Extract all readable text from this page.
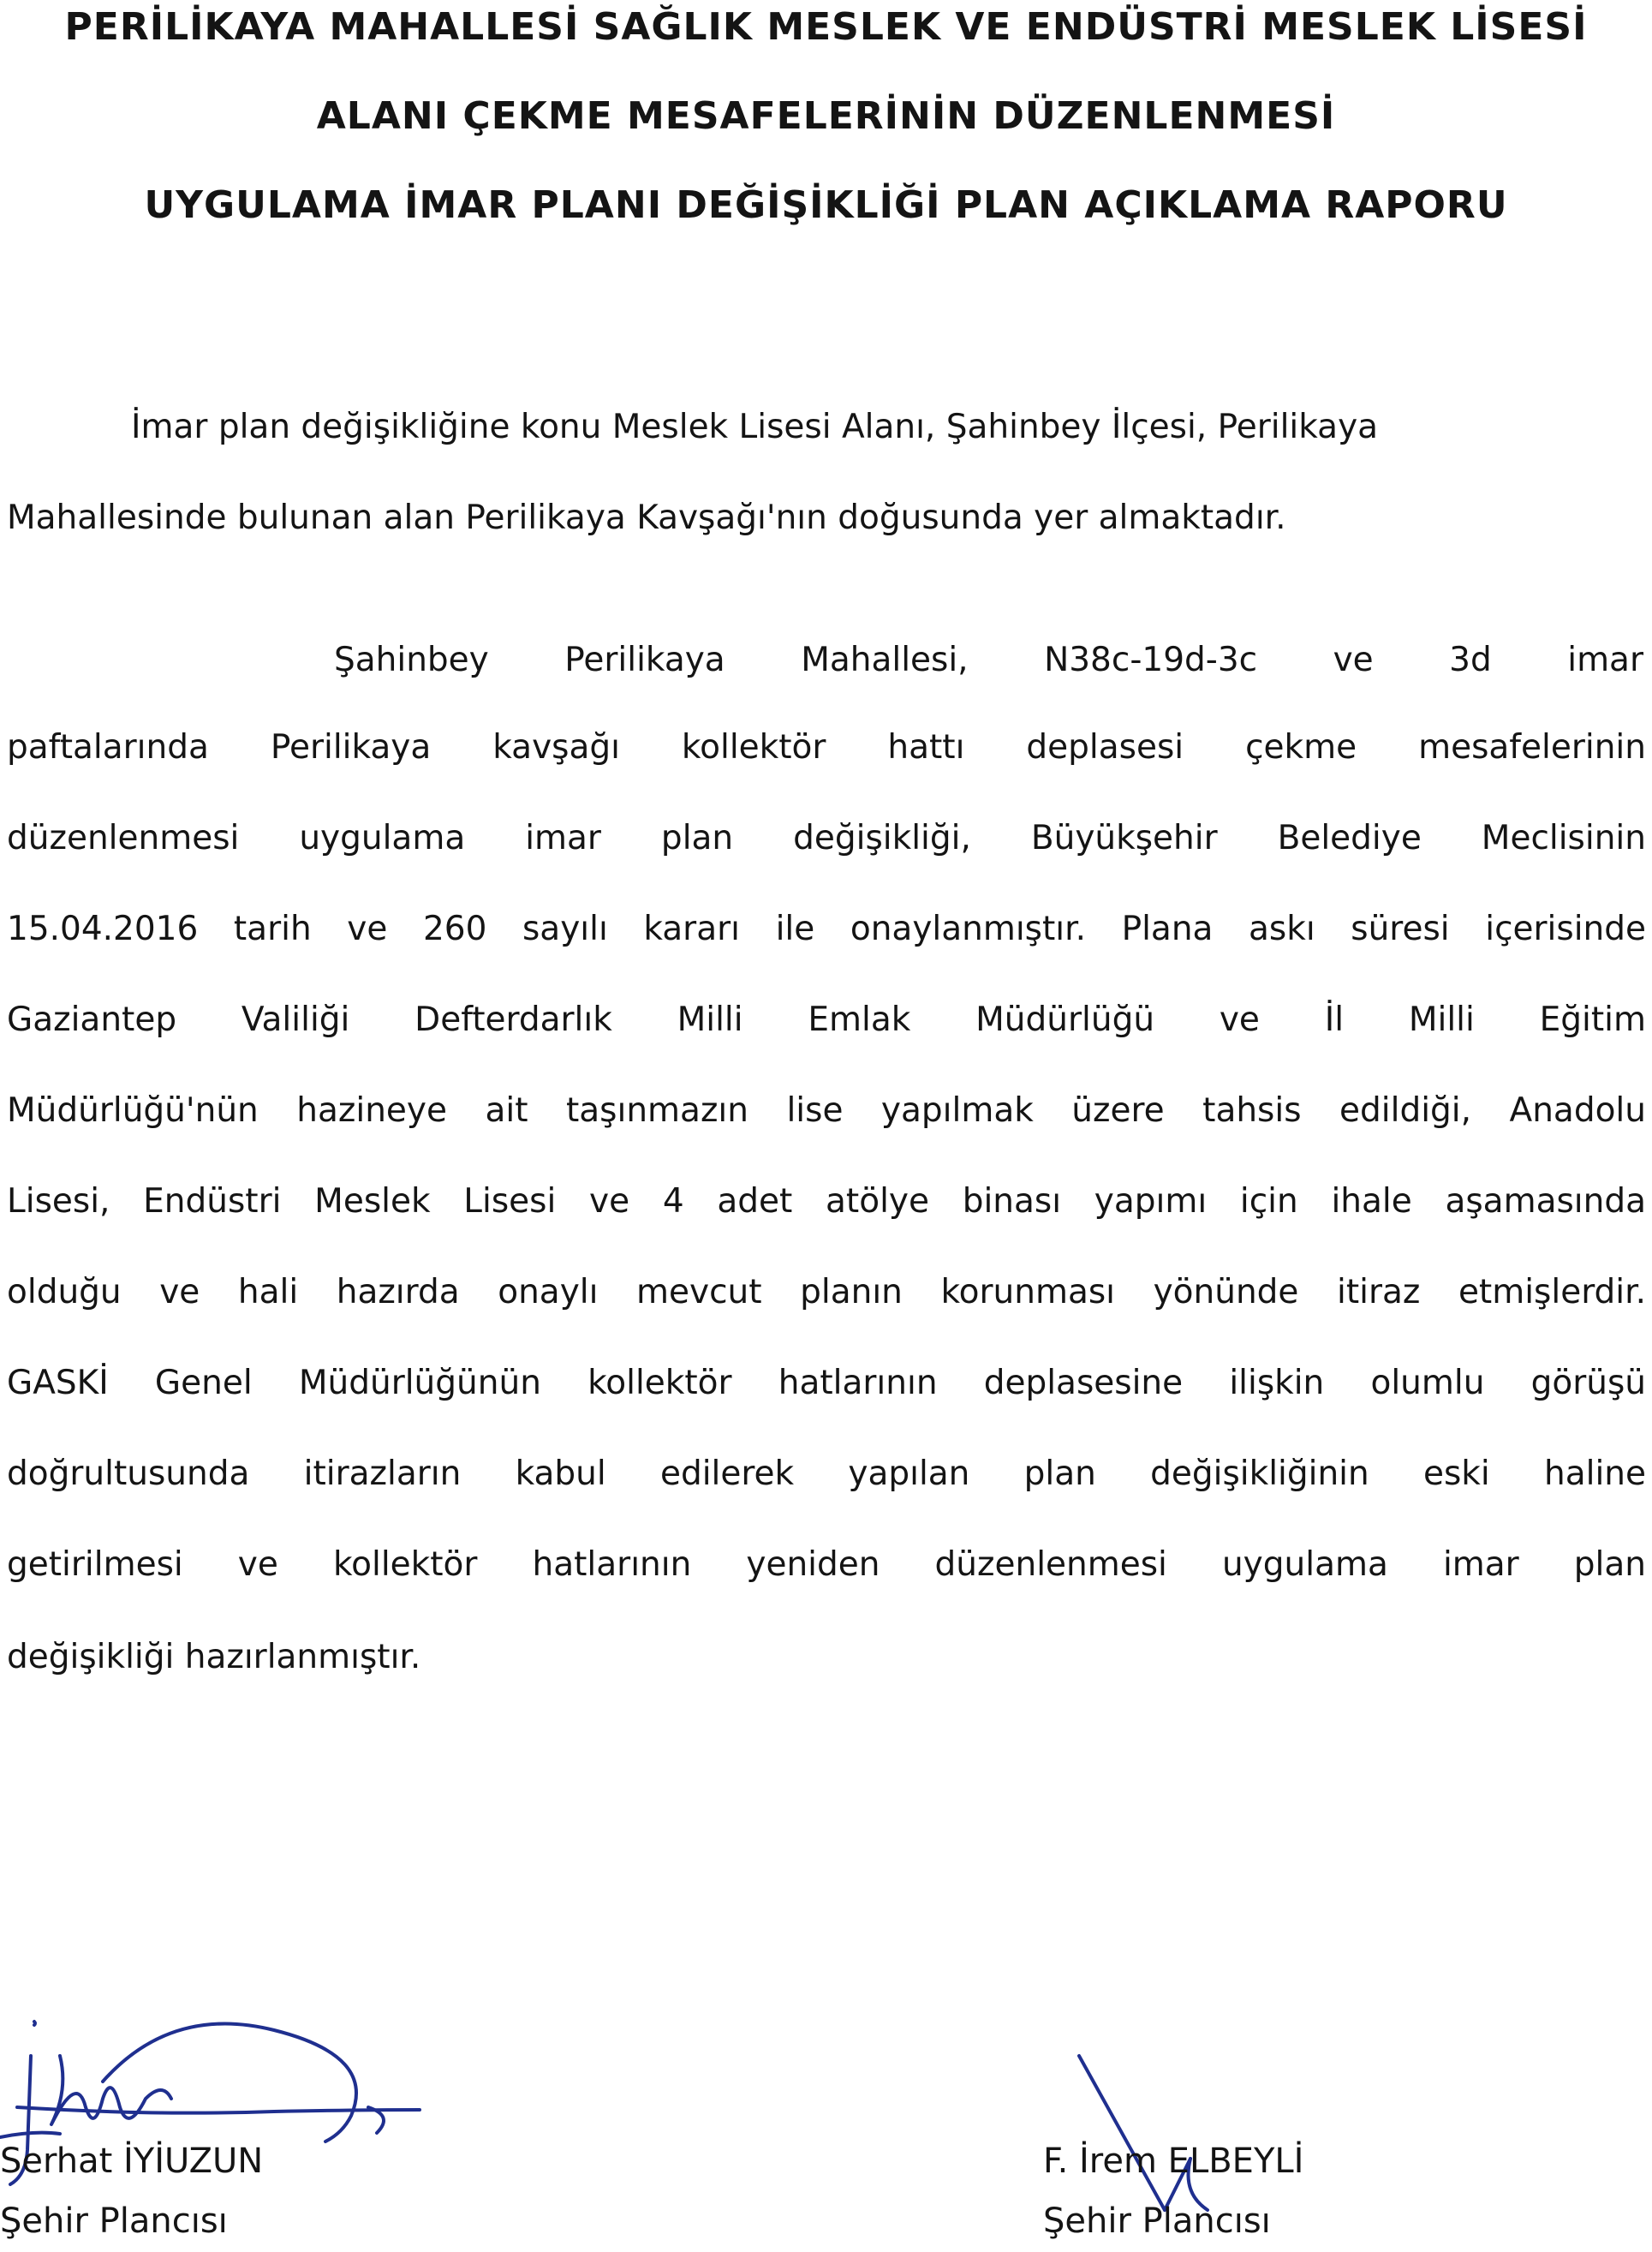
PERİLİKAYA MAHALLESİ SAĞLIK MESLEK VE ENDÜSTRİ MESLEK LİSESİ
ALANI ÇEKME MESAFELERİNİN DÜZENLENMESİ
UYGULAMA İMAR PLANI DEĞİŞİKLİĞİ PLAN AÇIKLAMA RAPORU
İmar plan değişikliğine konu Meslek Lisesi Alanı, Şahinbey İlçesi, Perilikaya
Mahallesinde bulunan alan Perilikaya Kavşağı'nın doğusunda yer almaktadır.
Şahinbey Perilikaya Mahallesi, N38c-19d-3c ve 3d imar
paftalarında Perilikaya kavşağı kollektör hattı deplasesi çekme mesafelerinin
düzenlenmesi uygulama imar plan değişikliği, Büyükşehir Belediye Meclisinin
15.04.2016 tarih ve 260 sayılı kararı ile onaylanmıştır. Plana askı süresi içerisinde
Gaziantep Valiliği Defterdarlık Milli Emlak Müdürlüğü ve İl Milli Eğitim
Müdürlüğü'nün hazineye ait taşınmazın lise yapılmak üzere tahsis edildiği, Anadolu
Lisesi, Endüstri Meslek Lisesi ve 4 adet atölye binası yapımı için ihale aşamasında
olduğu ve hali hazırda onaylı mevcut planın korunması yönünde itiraz etmişlerdir.
GASKİ Genel Müdürlüğünün kollektör hatlarının deplasesine ilişkin olumlu görüşü
doğrultusunda itirazların kabul edilerek yapılan plan değişikliğinin eski haline
getirilmesi ve kollektör hatlarının yeniden düzenlenmesi uygulama imar plan
değişikliği hazırlanmıştır.
Serhat İYİUZUN
Şehir Plancısı
F. İrem ELBEYLİ
Şehir Plancısı
